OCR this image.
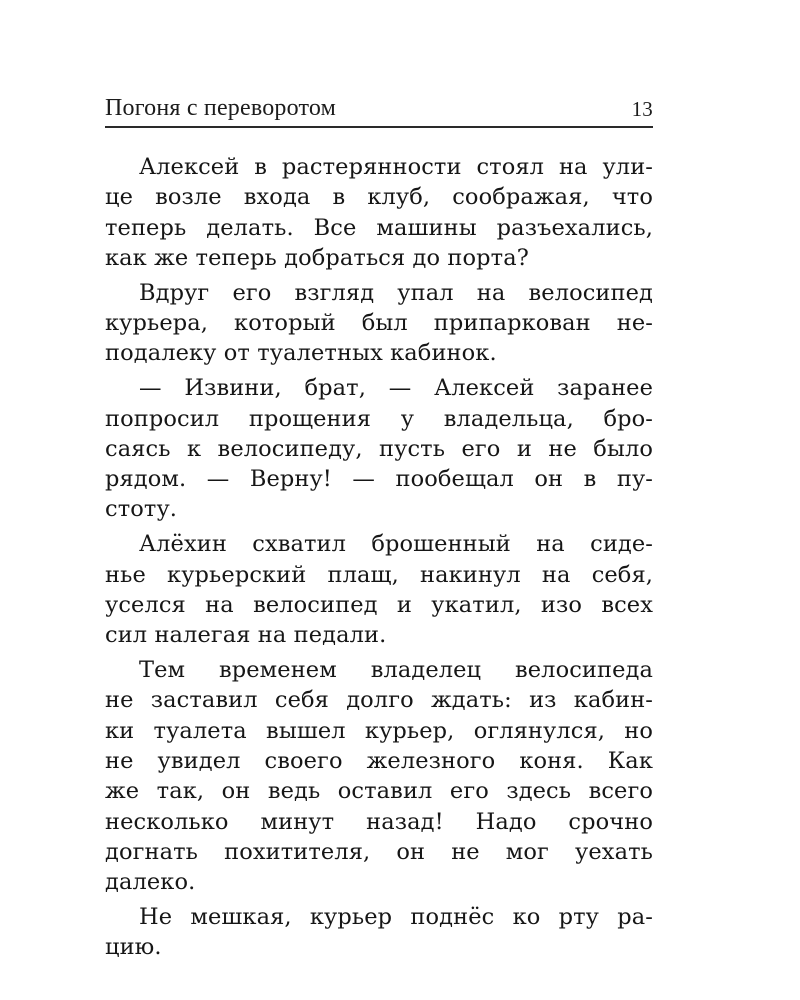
Погоня с переворотом	13
Алексей в растерянности стоял на ули-
це возле входа в клуб, соображая, что
теперь делать. Все машины разъехались,
как же теперь добраться до порта?
Вдруг его взгляд упал на велосипед
курьера, который был припаркован не-
подалеку от туалетных кабинок.
— Извини, брат, — Алексей заранее
попросил прощения у владельца, бро-
саясь к велосипеду, пусть его и не было
рядом. — Верну! — пообещал он в пу-
стоту.
Алёхин схватил брошенный на сиде-
нье курьерский плащ, накинул на себя,
уселся на велосипед и укатил, изо всех
сил налегая на педали.
Тем временем владелец велосипеда
не заставил себя долго ждать: из кабин-
ки туалета вышел курьер, оглянулся, но
не увидел своего железного коня. Как
же так, он ведь оставил его здесь всего
несколько минут назад! Надо срочно
догнать похитителя, он не мог уехать
далеко.
Не мешкая, курьер поднёс ко рту ра-
цию.
